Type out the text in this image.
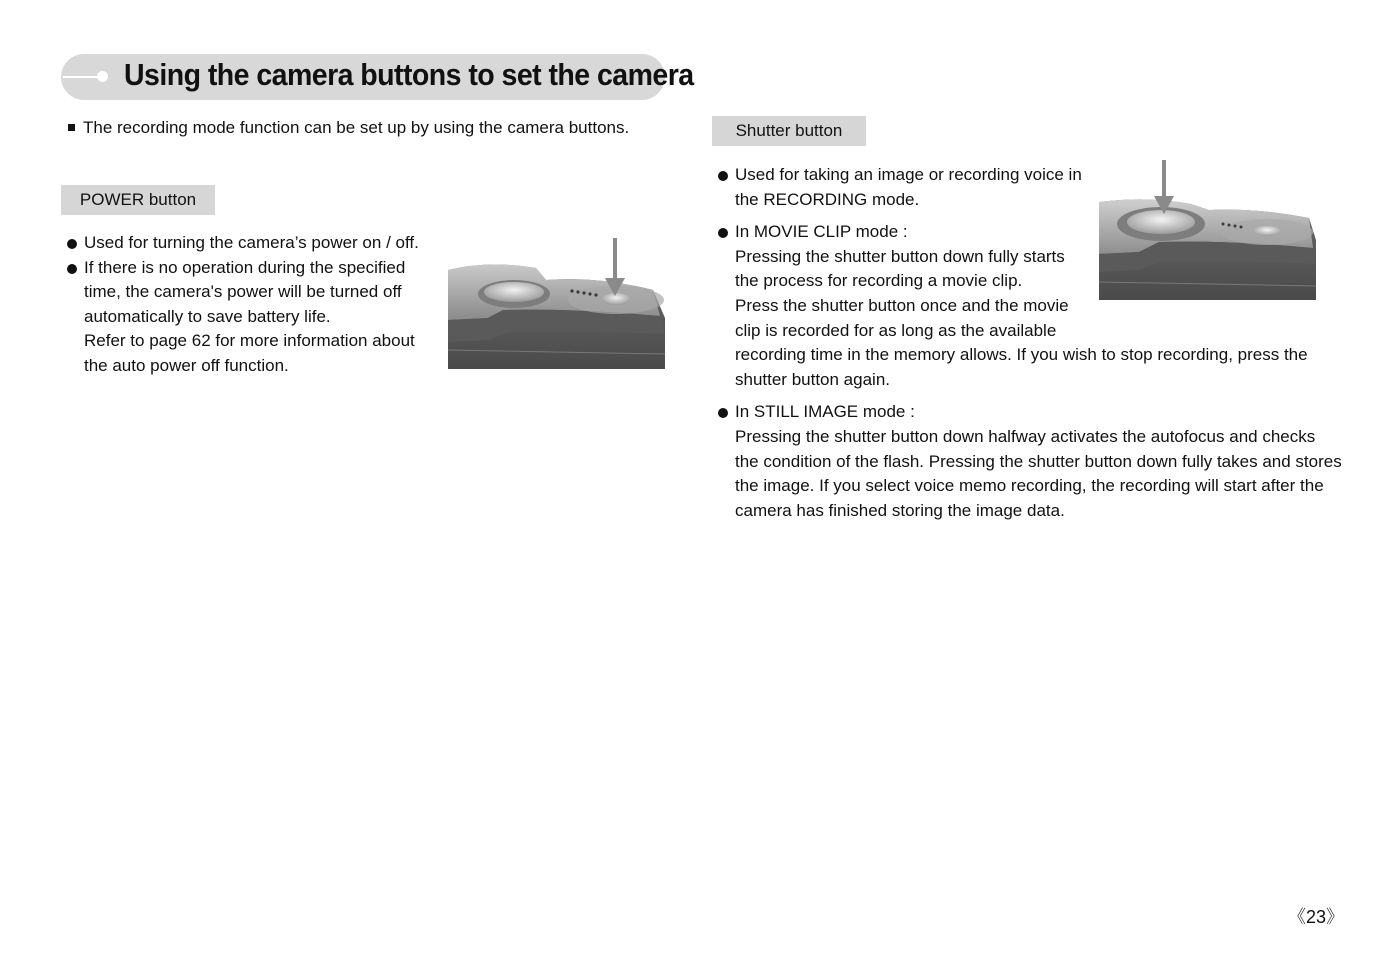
Using the camera buttons to set the camera
The recording mode function can be set up by using the camera buttons.
POWER button
Used for turning the camera’s power on / off.
If there is no operation during the specified
time, the camera's power will be turned off
automatically to save battery life.
Refer to page 62 for more information about
the auto power off function.
Shutter button
Used for taking an image or recording voice in
the RECORDING mode.
In MOVIE CLIP mode :
Pressing the shutter button down fully starts
the process for recording a movie clip.
Press the shutter button once and the movie
clip is recorded for as long as the available
recording time in the memory allows. If you wish to stop recording, press the
shutter button again.
In STILL IMAGE mode :
Pressing the shutter button down halfway activates the autofocus and checks
the condition of the flash. Pressing the shutter button down fully takes and stores
the image. If you select voice memo recording, the recording will start after the
camera has finished storing the image data.
《23》
